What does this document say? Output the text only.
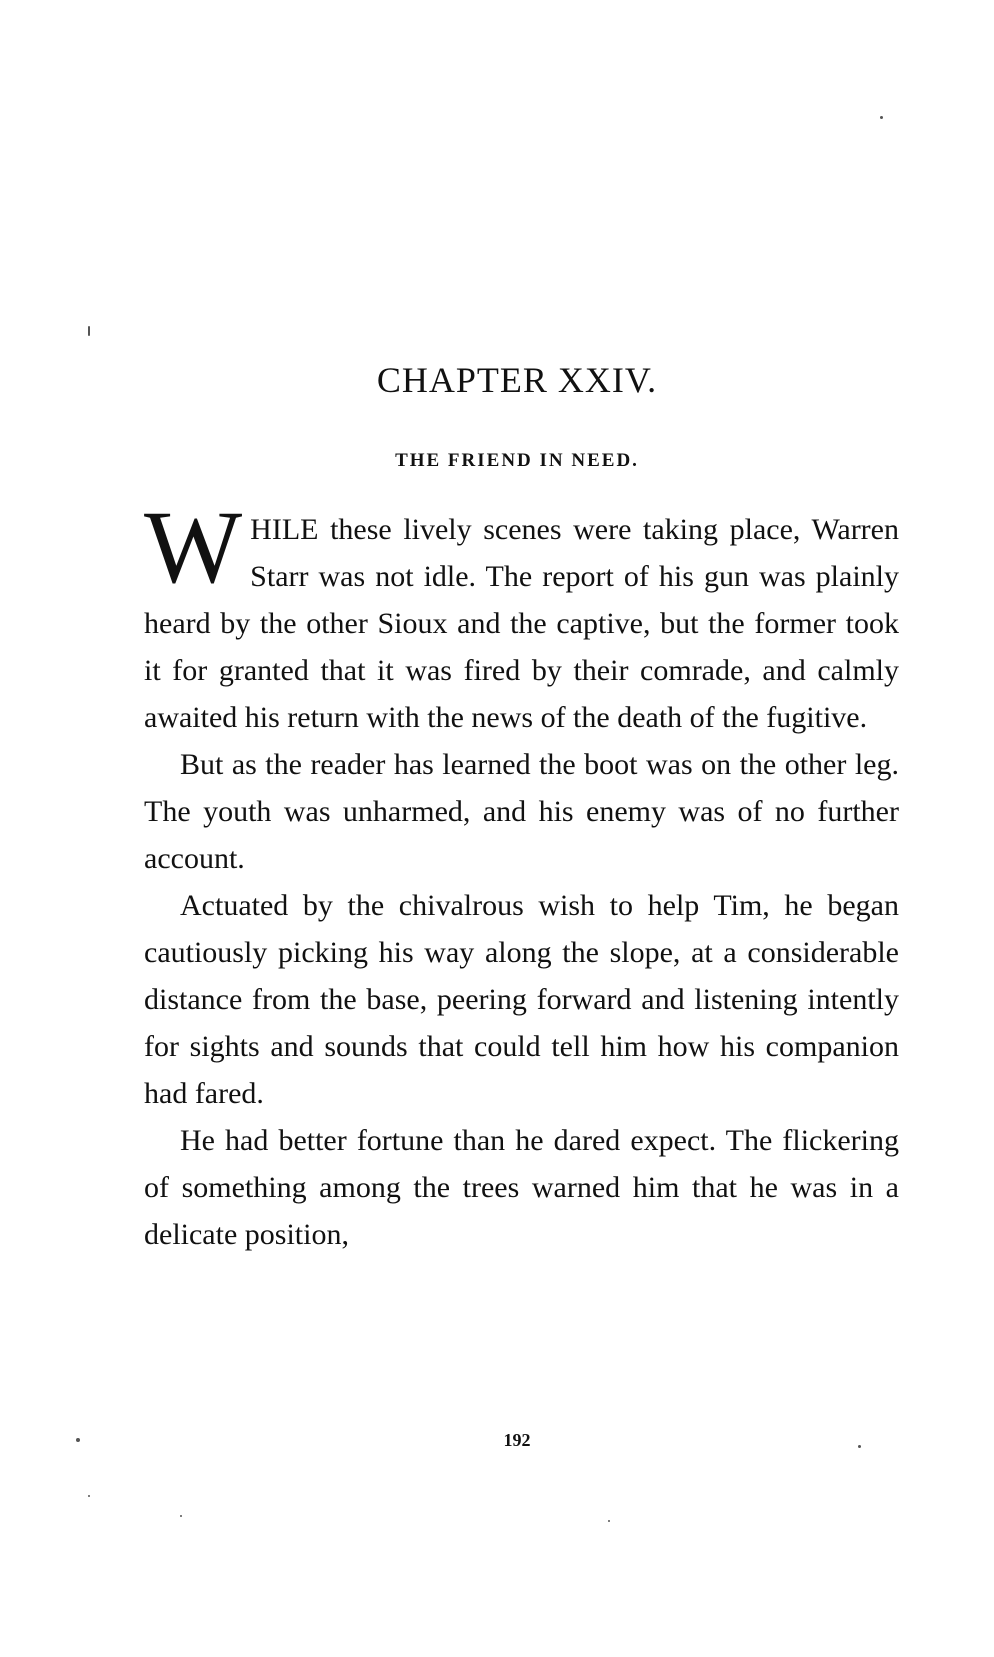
CHAPTER XXIV.
THE FRIEND IN NEED.

WHILE these lively scenes were taking place, Warren Starr was not idle. The report of his gun was plainly heard by the other Sioux and the captive, but the former took it for granted that it was fired by their comrade, and calmly awaited his return with the news of the death of the fugitive.

But as the reader has learned the boot was on the other leg. The youth was unharmed, and his enemy was of no further account.

Actuated by the chivalrous wish to help Tim, he began cautiously picking his way along the slope, at a considerable distance from the base, peering forward and listening intently for sights and sounds that could tell him how his companion had fared.

He had better fortune than he dared expect. The flickering of something among the trees warned him that he was in a delicate position,

192
